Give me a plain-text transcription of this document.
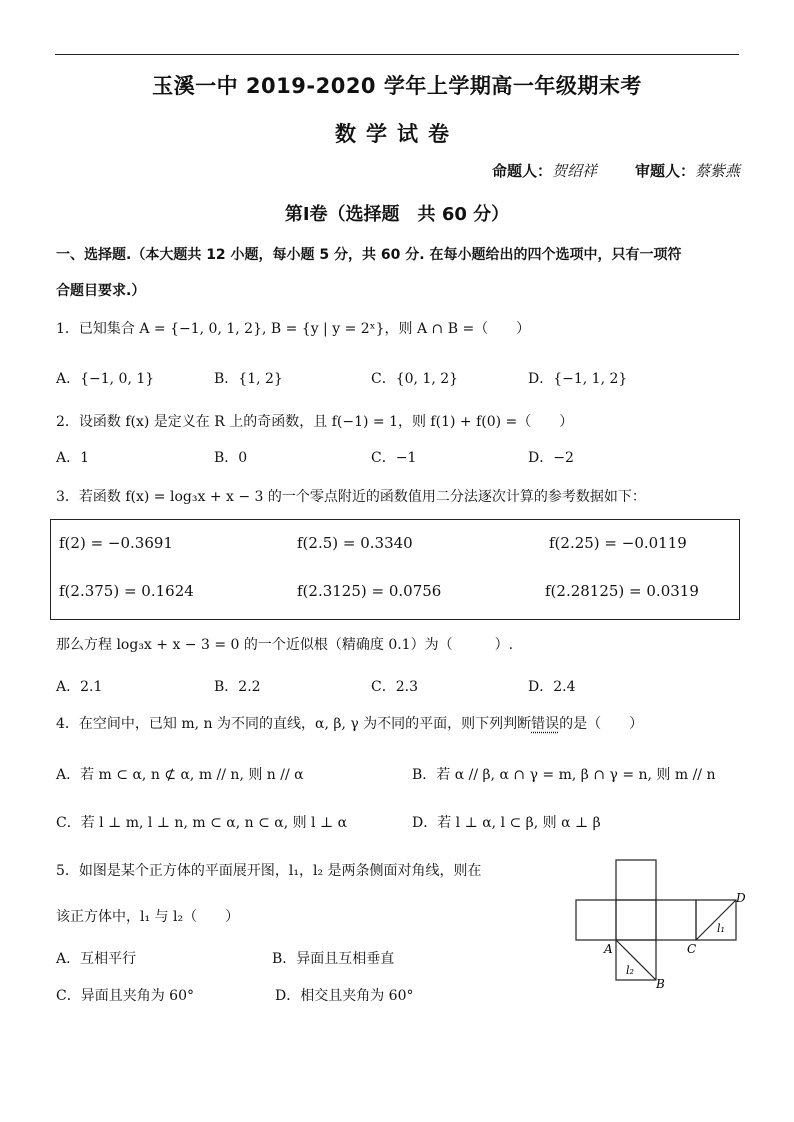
玉溪一中 2019-2020 学年上学期高一年级期末考
数学试卷
命题人：贺绍祥	审题人：蔡紫燕
第Ⅰ卷（选择题　共 60 分）
一、选择题.（本大题共 12 小题，每小题 5 分，共 60 分. 在每小题给出的四个选项中，只有一项符
合题目要求.）
1．已知集合 A = {−1, 0, 1, 2}, B = {y | y = 2ˣ}，则 A ∩ B =（　　）
A．{−1, 0, 1}	B．{1, 2}	C．{0, 1, 2}	D．{−1, 1, 2}
2．设函数 f(x) 是定义在 R 上的奇函数，且 f(−1) = 1，则 f(1) + f(0) =（　　）
A．1	B．0	C．−1	D．−2
3．若函数 f(x) = log₃x + x − 3 的一个零点附近的函数值用二分法逐次计算的参考数据如下：
f(2) = −0.3691	f(2.5) = 0.3340	f(2.25) = −0.0119
f(2.375) = 0.1624	f(2.3125) = 0.0756	f(2.28125) = 0.0319
那么方程 log₃x + x − 3 = 0 的一个近似根（精确度 0.1）为（　　　）.
A．2.1	B．2.2	C．2.3	D．2.4
4．在空间中，已知 m, n 为不同的直线，α, β, γ 为不同的平面，则下列判断错误的是（　　）
A．若 m ⊂ α, n ⊄ α, m // n, 则 n // α	B．若 α // β, α ∩ γ = m, β ∩ γ = n, 则 m // n
C．若 l ⊥ m, l ⊥ n, m ⊂ α, n ⊂ α, 则 l ⊥ α	D．若 l ⊥ α, l ⊂ β, 则 α ⊥ β
5．如图是某个正方体的平面展开图，l₁，l₂ 是两条侧面对角线，则在
该正方体中，l₁ 与 l₂（　　）
A．互相平行	B．异面且互相垂直
C．异面且夹角为 60°	D．相交且夹角为 60°
D
C
A
B
l₁
l₂
